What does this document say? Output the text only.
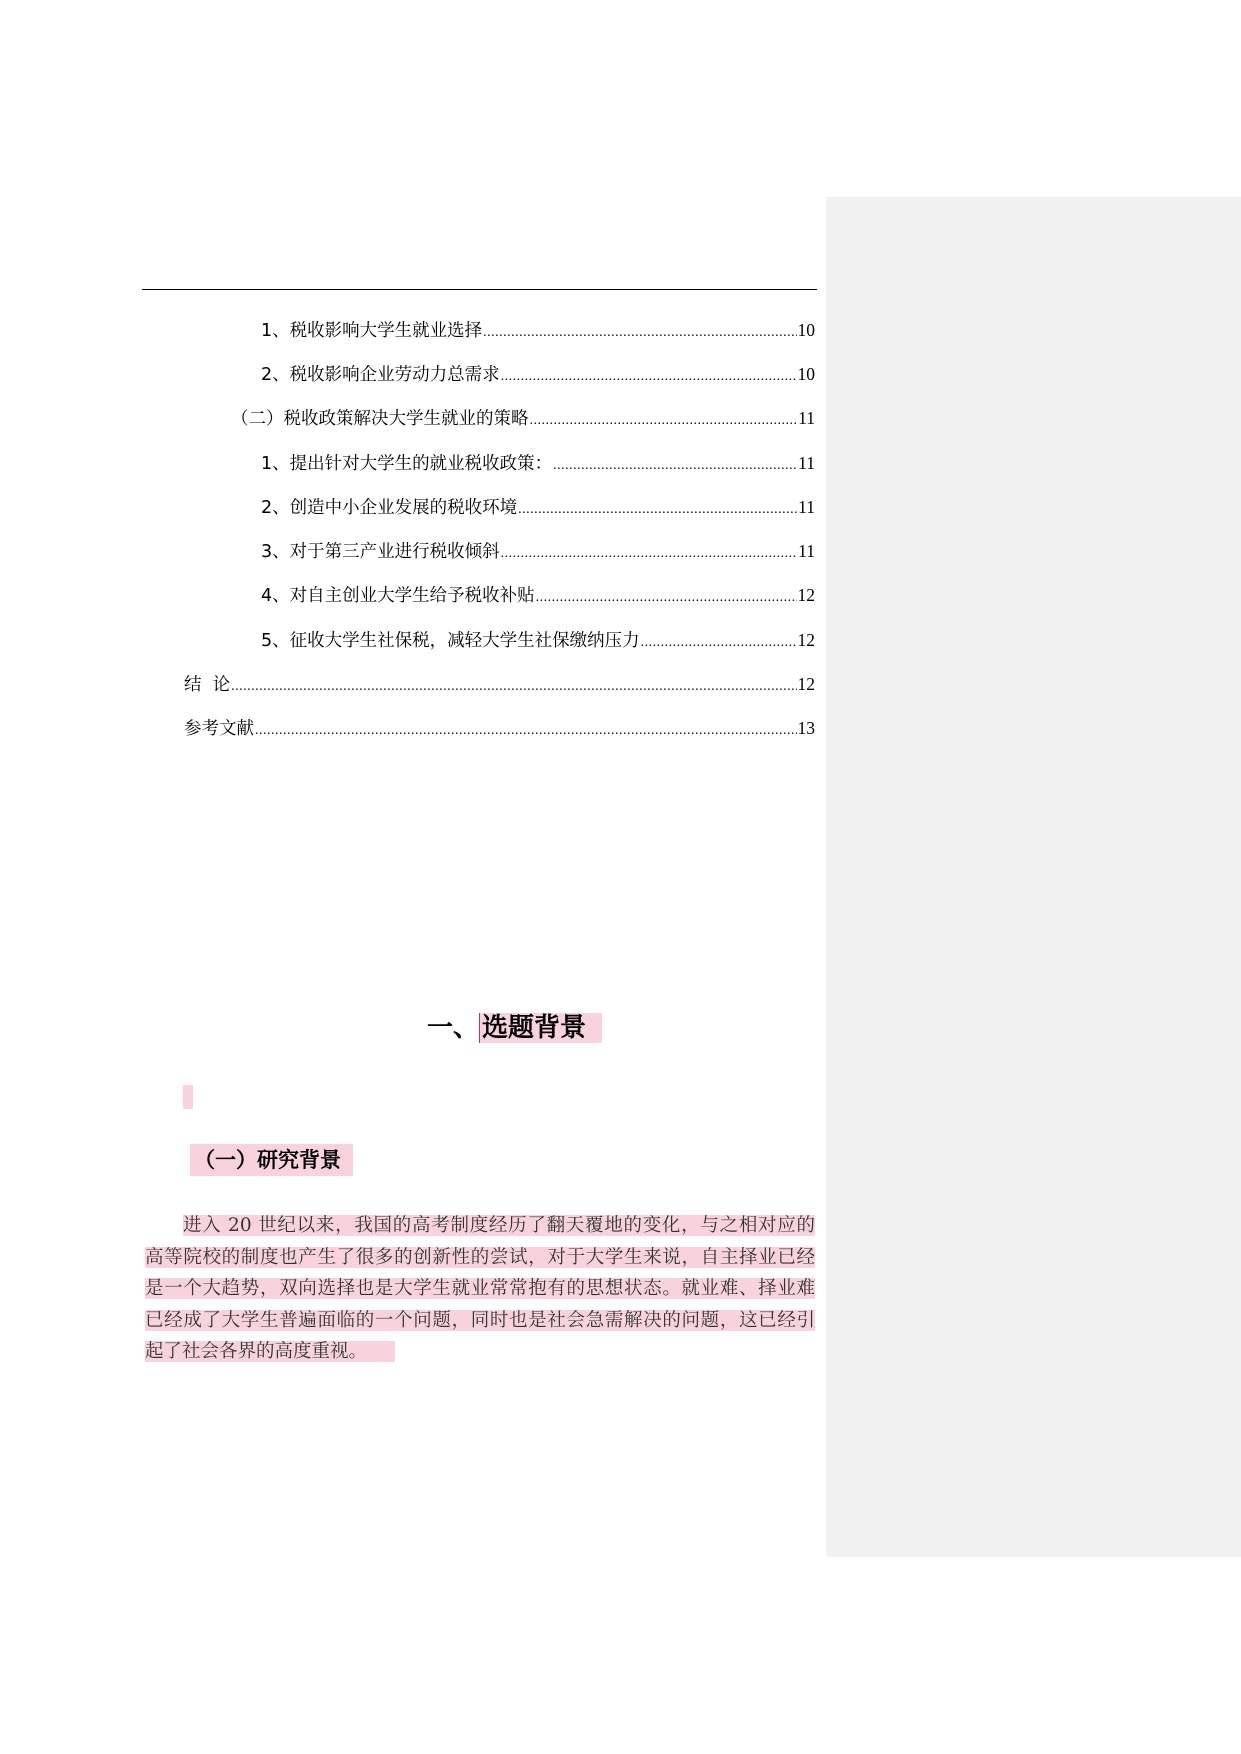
1、税收影响大学生就业选择 .....	10
2、税收影响企业劳动力总需求 .....	10
（二）税收政策解决大学生就业的策略 .....	11
1、提出针对大学生的就业税收政策： .....	11
2、创造中小企业发展的税收环境 .....	11
3、对于第三产业进行税收倾斜 .....	11
4、对自主创业大学生给予税收补贴 .....	12
5、征收大学生社保税，减轻大学生社保缴纳压力 .....	12
结  论 .....	12
参考文献 .....	13
一、 选题背景
（一）研究背景
进入 20 世纪以来，我国的高考制度经历了翻天覆地的变化，与之相对应的
高等院校的制度也产生了很多的创新性的尝试，对于大学生来说，自主择业已经
是一个大趋势，双向选择也是大学生就业常常抱有的思想状态。就业难、择业难
已经成了大学生普遍面临的一个问题，同时也是社会急需解决的问题，这已经引
起了社会各界的高度重视。
